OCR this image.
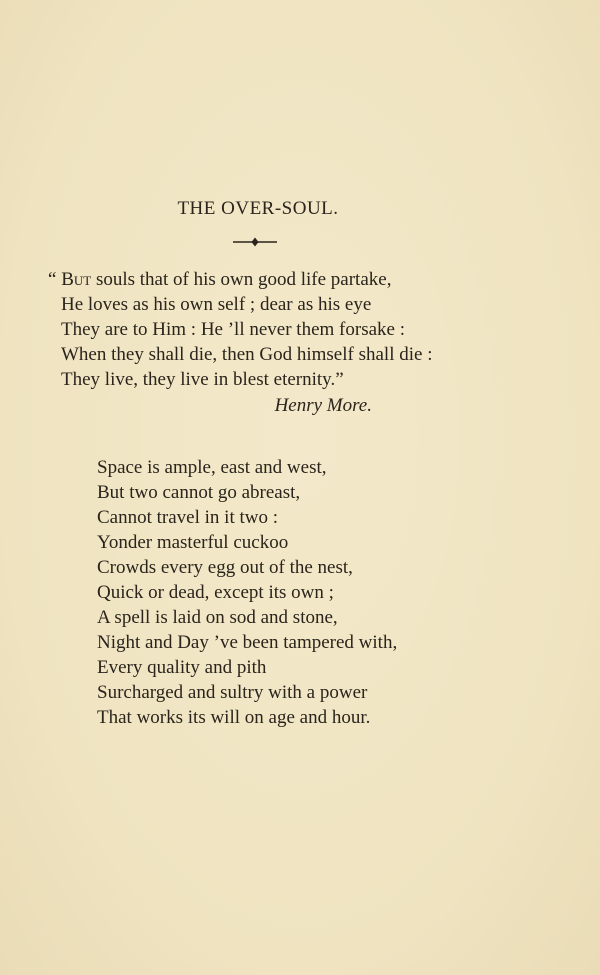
THE OVER-SOUL.
“ But souls that of his own good life partake,
He loves as his own self ; dear as his eye
They are to Him : He ’ll never them forsake :
When they shall die, then God himself shall die :
They live, they live in blest eternity.”
Henry More.
Space is ample, east and west,
But two cannot go abreast,
Cannot travel in it two :
Yonder masterful cuckoo
Crowds every egg out of the nest,
Quick or dead, except its own ;
A spell is laid on sod and stone,
Night and Day ’ve been tampered with,
Every quality and pith
Surcharged and sultry with a power
That works its will on age and hour.
